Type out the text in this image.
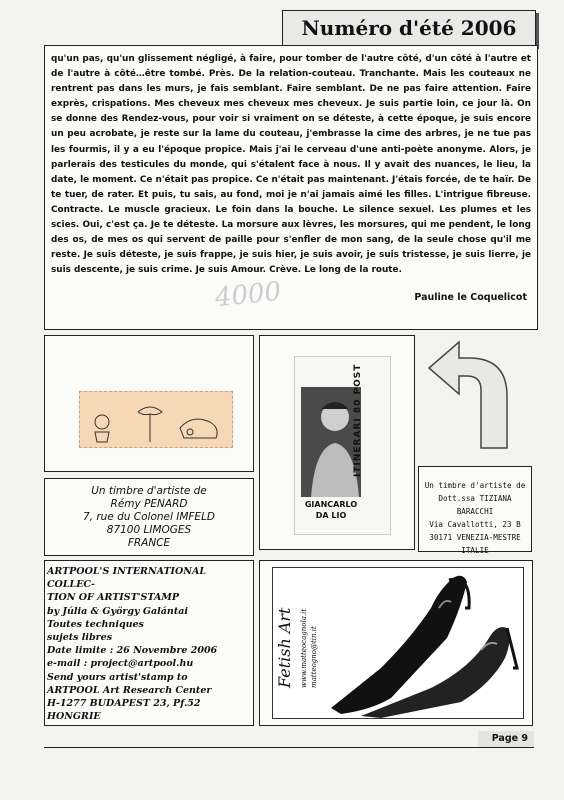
Numéro d'été 2006

qu'un pas, qu'un glissement négligé, à faire, pour tomber de l'autre côté, d'un côté à l'autre et de l'autre à côté…être tombé. Près. De la relation-couteau. Tranchante. Mais les couteaux ne rentrent pas dans les murs, je fais semblant. Faire semblant. De ne pas faire attention. Faire exprès, crispations. Mes cheveux mes cheveux mes cheveux. Je suis partie loin, ce jour là. On se donne des Rendez-vous, pour voir si vraiment on se déteste, à cette époque, je suis encore un peu acrobate, je reste sur la lame du couteau, j'embrasse la cime des arbres, je ne tue pas les fourmis, il y a eu l'époque propice. Mais j'ai le cerveau d'une anti-poète anonyme. Alors, je parlerais des testicules du monde, qui s'étalent face à nous. Il y avait des nuances, le lieu, la date, le moment. Ce n'était pas propice. Ce n'était pas maintenant. J'étais forcée, de te haïr. De te tuer, de rater. Et puis, tu sais, au fond, moi je n'ai jamais aimé les filles. L'intrigue fibreuse. Contracte. Le muscle gracieux. Le foin dans la bouche. Le silence sexuel. Les plumes et les scies. Oui, c'est ça. Je te déteste. La morsure aux lèvres, les morsures, qui me pendent, le long des os, de mes os qui servent de paille pour s'enfler de mon sang, de la seule chose qu'il me reste. Je suis déteste, je suis frappe, je suis hier, je suis avoir, je suis tristesse, je suis lierre, je suis descente, je suis crime. Je suis Amour. Crève. Le long de la route.

4000	Pauline le Coquelicot
Un timbre d'artiste de
Rémy PENARD
7, rue du Colonel IMFELD
87100 LIMOGES
FRANCE
GIANCARLO
DA LIO
ITINERARI 80 POST
Un timbre d'artiste de
Dott.ssa TIZIANA BARACCHI
Via Cavallotti, 23 B
30171 VENEZIA-MESTRE
ITALIE
ARTPOOL'S INTERNATIONAL COLLEC-
TION OF ARTIST'STAMP
by Júlia & György Galántai
Toutes techniques
sujets libres
Date limite : 26 Novembre 2006
e-mail : project@artpool.hu
Send yours artist'stamp to
ARTPOOL Art Research Center
H-1277 BUDAPEST 23, Pf.52
HONGRIE
Fetish Art www.matteocagnola.it matteogno@tin.it
Page 9
